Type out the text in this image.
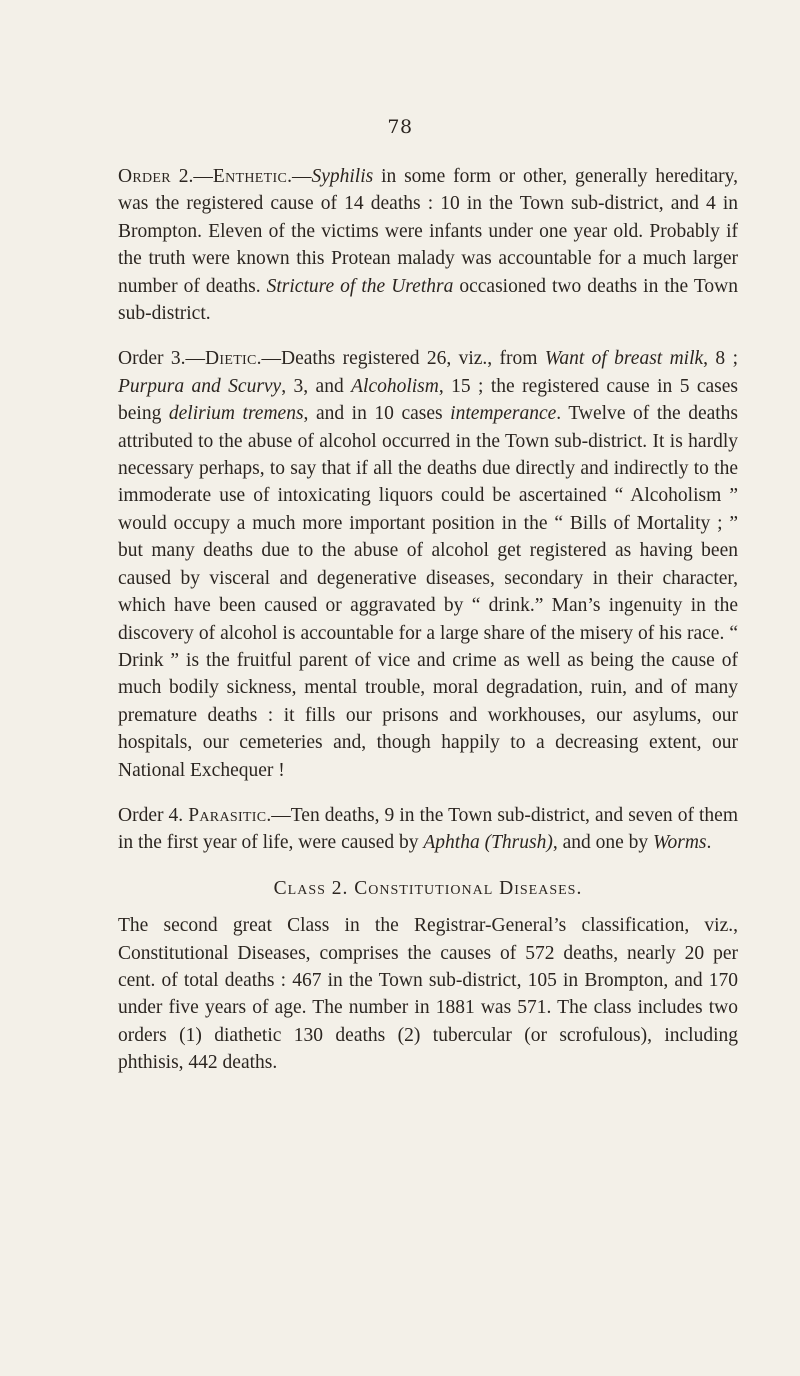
78

Order 2.—Enthetic.—Syphilis in some form or other, generally hereditary, was the registered cause of 14 deaths : 10 in the Town sub-district, and 4 in Brompton. Eleven of the victims were infants under one year old. Probably if the truth were known this Protean malady was accountable for a much larger number of deaths. Stricture of the Urethra occasioned two deaths in the Town sub-district.

Order 3.—Dietic.—Deaths registered 26, viz., from Want of breast milk, 8 ; Purpura and Scurvy, 3, and Alcoholism, 15 ; the registered cause in 5 cases being delirium tremens, and in 10 cases intemperance. Twelve of the deaths attributed to the abuse of alcohol occurred in the Town sub-district. It is hardly necessary perhaps, to say that if all the deaths due directly and indirectly to the immoderate use of intoxicating liquors could be ascertained “ Alcoholism ” would occupy a much more important position in the “ Bills of Mortality ; ” but many deaths due to the abuse of alcohol get registered as having been caused by visceral and degenerative diseases, secondary in their character, which have been caused or aggravated by “ drink.” Man’s ingenuity in the discovery of alcohol is accountable for a large share of the misery of his race. “ Drink ” is the fruitful parent of vice and crime as well as being the cause of much bodily sickness, mental trouble, moral degradation, ruin, and of many premature deaths : it fills our prisons and workhouses, our asylums, our hospitals, our cemeteries and, though happily to a decreasing extent, our National Exchequer !

Order 4. Parasitic.—Ten deaths, 9 in the Town sub-district, and seven of them in the first year of life, were caused by Aphtha (Thrush), and one by Worms.

Class 2. Constitutional Diseases.

The second great Class in the Registrar-General’s classification, viz., Constitutional Diseases, comprises the causes of 572 deaths, nearly 20 per cent. of total deaths : 467 in the Town sub-district, 105 in Brompton, and 170 under five years of age. The number in 1881 was 571. The class includes two orders (1) diathetic 130 deaths (2) tubercular (or scrofulous), including phthisis, 442 deaths.
